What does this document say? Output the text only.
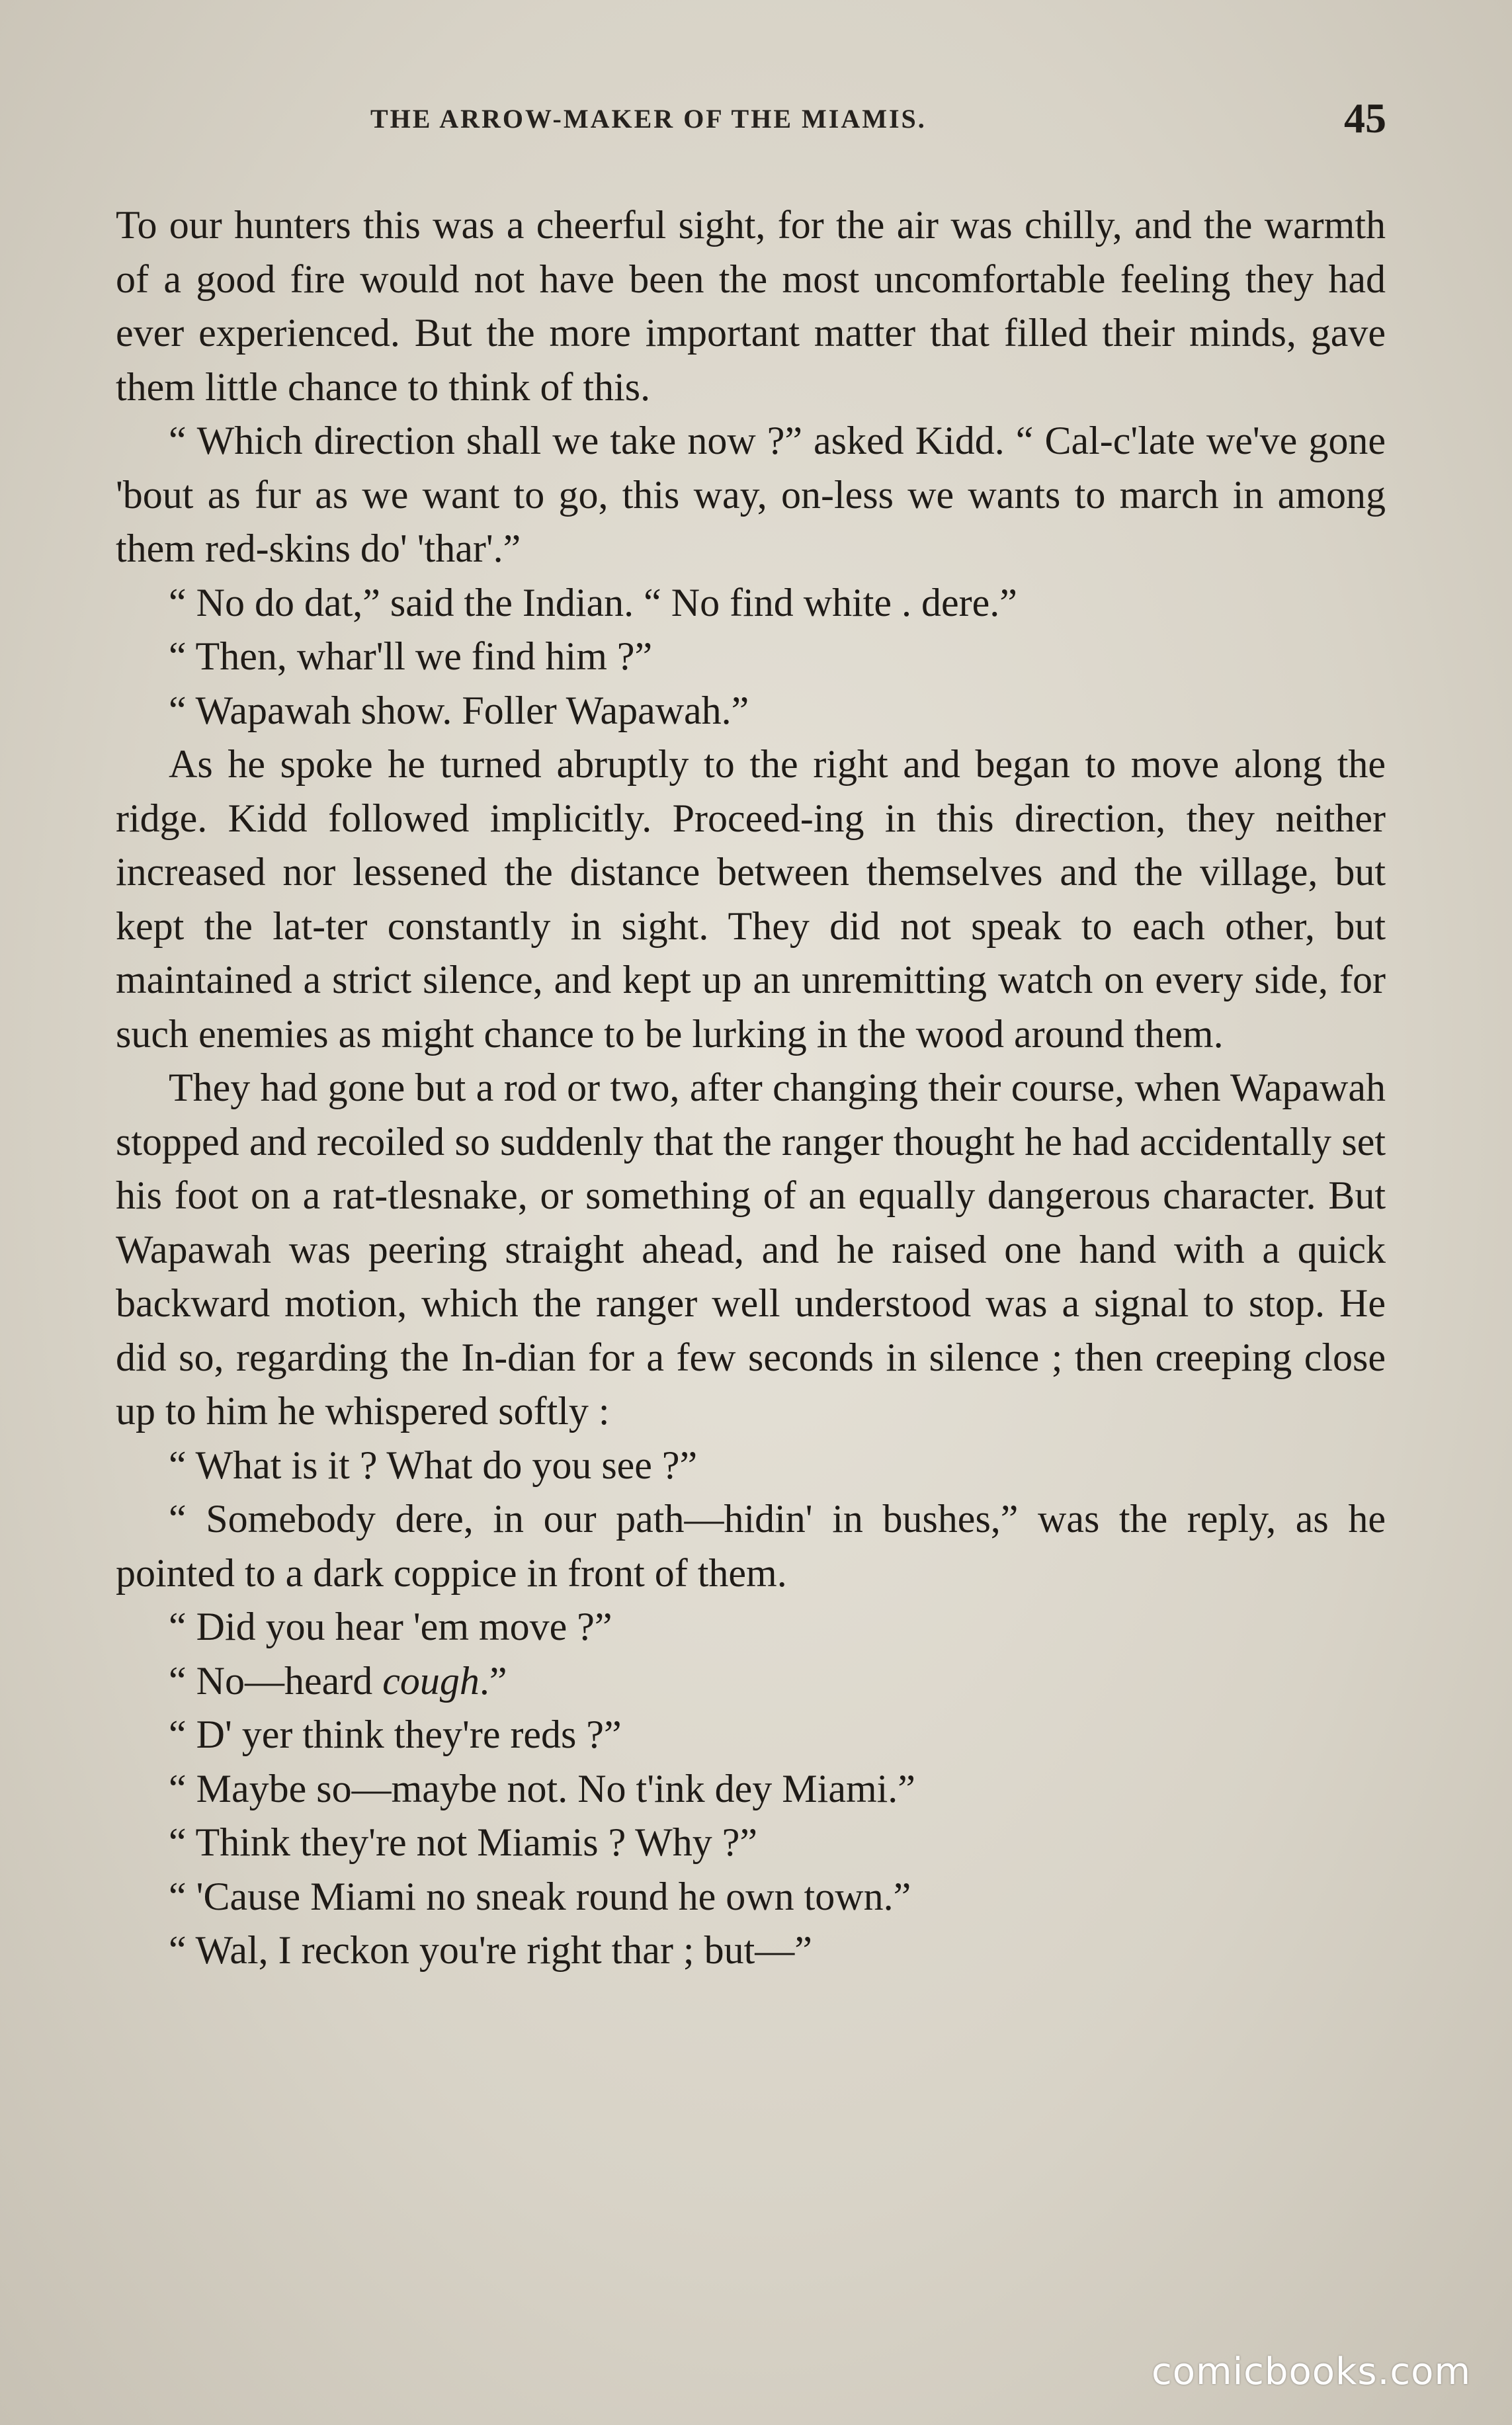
THE ARROW-MAKER OF THE MIAMIS.	45

To our hunters this was a cheerful sight, for the air was chilly, and the warmth of a good fire would not have been the most uncomfortable feeling they had ever experienced. But the more important matter that filled their minds, gave them little chance to think of this.

“ Which direction shall we take now ?” asked Kidd. “ Cal-c'late we've gone 'bout as fur as we want to go, this way, on-less we wants to march in among them red-skins do' 'thar'.”

“ No do dat,” said the Indian. “ No find white . dere.”

“ Then, whar'll we find him ?”

“ Wapawah show. Foller Wapawah.”

As he spoke he turned abruptly to the right and began to move along the ridge. Kidd followed implicitly. Proceed-ing in this direction, they neither increased nor lessened the distance between themselves and the village, but kept the lat-ter constantly in sight. They did not speak to each other, but maintained a strict silence, and kept up an unremitting watch on every side, for such enemies as might chance to be lurking in the wood around them.

They had gone but a rod or two, after changing their course, when Wapawah stopped and recoiled so suddenly that the ranger thought he had accidentally set his foot on a rat-tlesnake, or something of an equally dangerous character. But Wapawah was peering straight ahead, and he raised one hand with a quick backward motion, which the ranger well understood was a signal to stop. He did so, regarding the In-dian for a few seconds in silence ; then creeping close up to him he whispered softly :

“ What is it ? What do you see ?”

“ Somebody dere, in our path—hidin' in bushes,” was the reply, as he pointed to a dark coppice in front of them.

“ Did you hear 'em move ?”

“ No—heard cough.”

“ D' yer think they're reds ?”

“ Maybe so—maybe not. No t'ink dey Miami.”

“ Think they're not Miamis ? Why ?”

“ 'Cause Miami no sneak round he own town.”

“ Wal, I reckon you're right thar ; but—”

comicbooks.com
